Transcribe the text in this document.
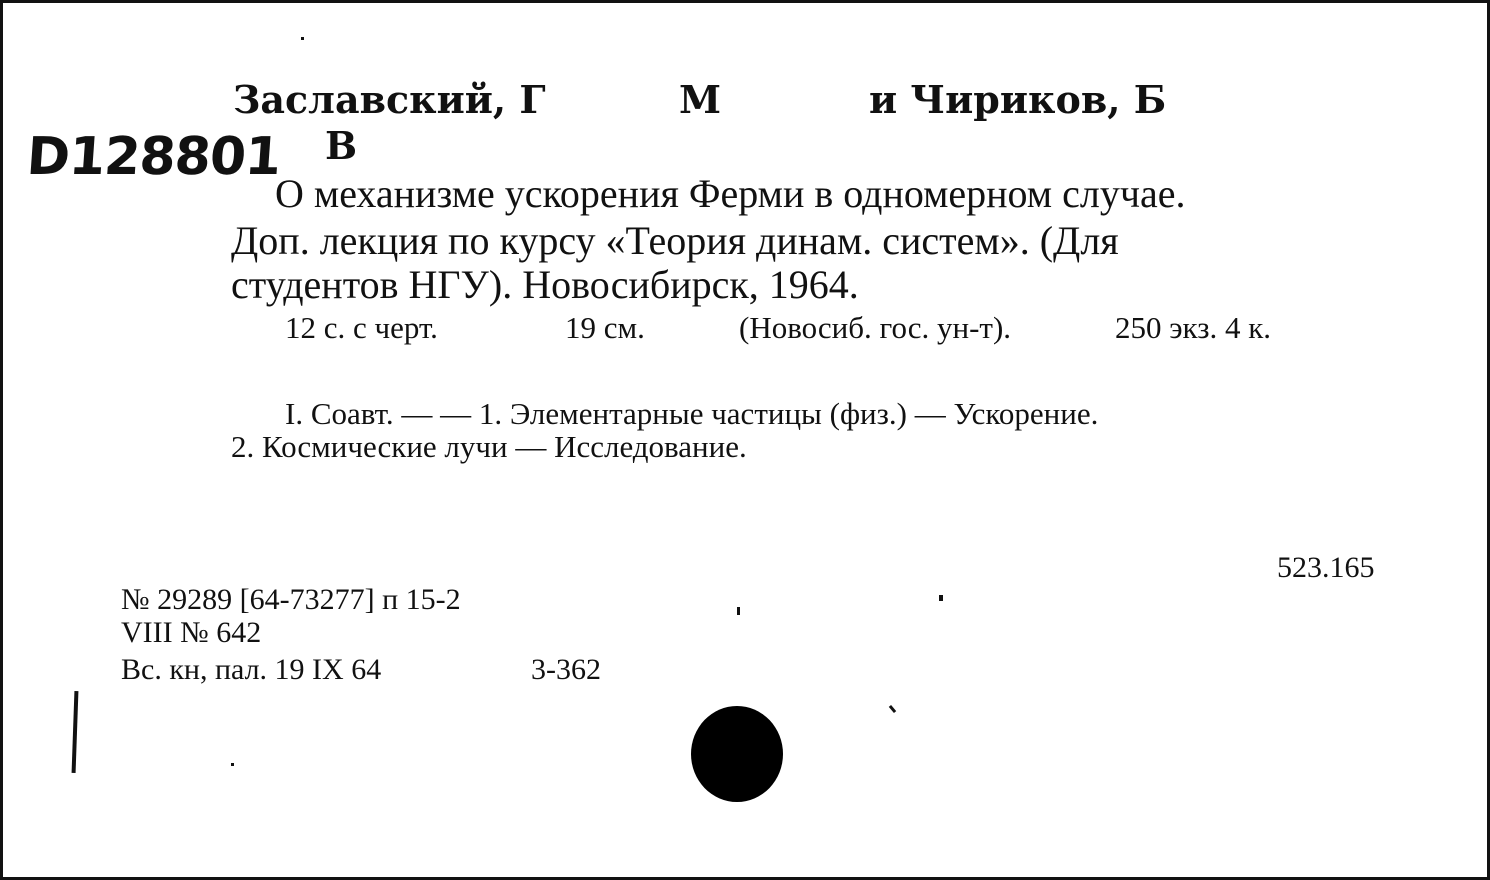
D128801
Заславский, Г	М	и Чириков, Б
В
О механизме ускорения Ферми в одномерном случае.
Доп. лекция по курсу «Теория динам. систем». (Для
студентов НГУ). Новосибирск, 1964.
12 с. с черт.	19 см.	(Новосиб. гос. ун-т).	250 экз. 4 к.
I. Соавт. — — 1. Элементарные частицы (физ.) — Ускорение.
2. Космические лучи — Исследование.
523.165
№ 29289 [64-73277] п 15-2
VIII № 642
Вс. кн, пал. 19 IX 64	3-362
